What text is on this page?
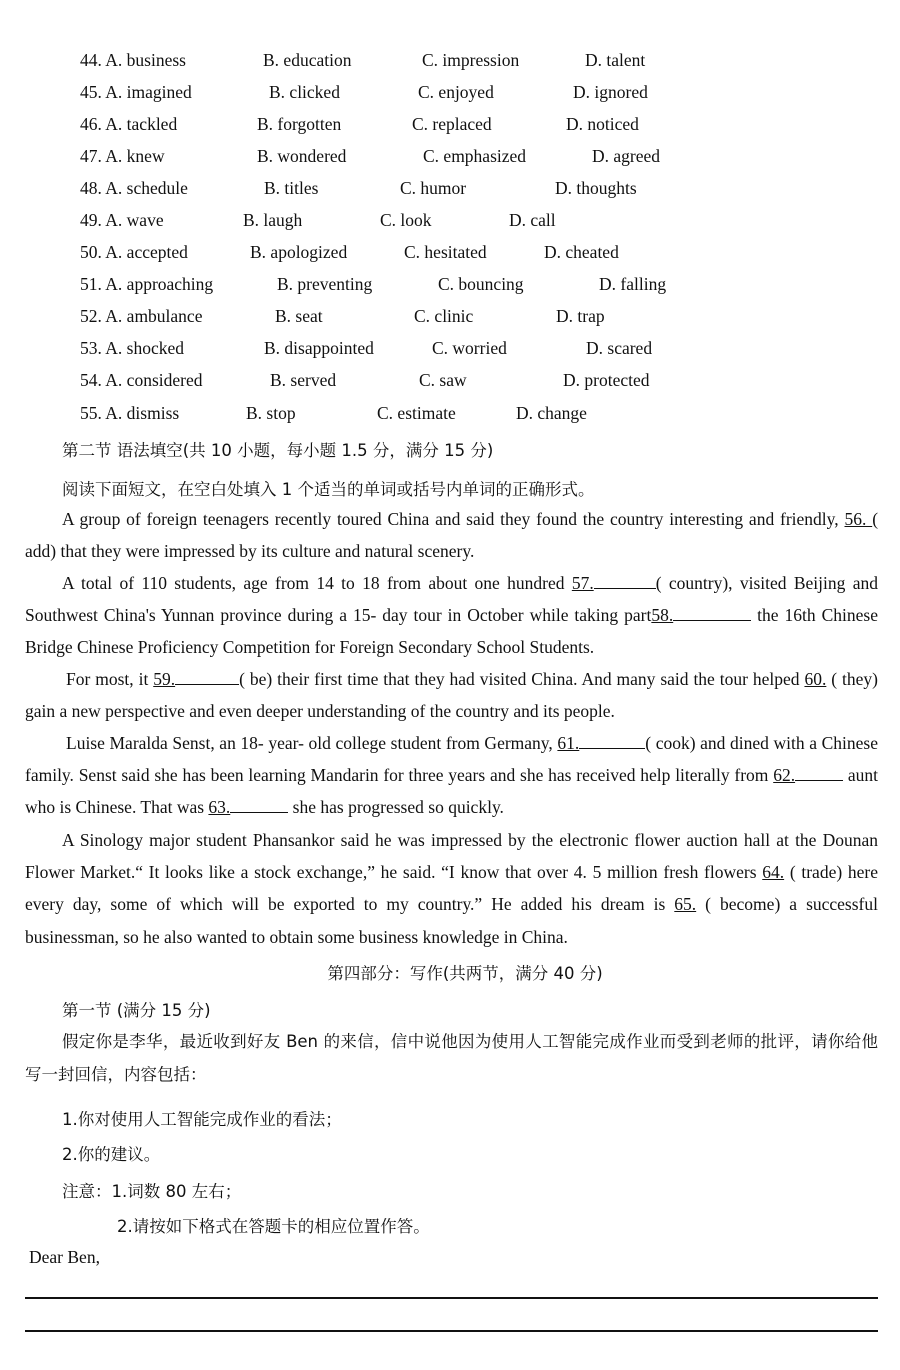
44. A. business	B. education	C. impression	D. talent
45. A. imagined	B. clicked	C. enjoyed	D. ignored
46. A. tackled	B. forgotten	C. replaced	D. noticed
47. A. knew	B. wondered	C. emphasized	D. agreed
48. A. schedule	B. titles	C. humor	D. thoughts
49. A. wave	B. laugh	C. look	D. call
50. A. accepted	B. apologized	C. hesitated	D. cheated
51. A. approaching	B. preventing	C. bouncing	D. falling
52. A. ambulance	B. seat	C. clinic	D. trap
53. A. shocked	B. disappointed	C. worried	D. scared
54. A. considered	B. served	C. saw	D. protected
55. A. dismiss	B. stop	C. estimate	D. change
第二节 语法填空(共 10 小题，每小题 1.5 分，满分 15 分)
阅读下面短文，在空白处填入 1 个适当的单词或括号内单词的正确形式。
A group of foreign teenagers recently toured China and said they found the country interesting and friendly, 56. ( add) that they were impressed by its culture and natural scenery.
A total of 110 students, age from 14 to 18 from about one hundred 57.	( country), visited Beijing and Southwest China's Yunnan province during a 15- day tour in October while taking part58.	the 16th Chinese Bridge Chinese Proficiency Competition for Foreign Secondary School Students.
For most, it 59.	( be) their first time that they had visited China. And many said the tour helped 60. ( they) gain a new perspective and even deeper understanding of the country and its people.
Luise Maralda Senst, an 18- year- old college student from Germany, 61.	( cook) and dined with a Chinese family. Senst said she has been learning Mandarin for three years and she has received help literally from 62.	aunt who is Chinese. That was 63.	she has progressed so quickly.
A Sinology major student Phansankor said he was impressed by the electronic flower auction hall at the Dounan Flower Market.“ It looks like a stock exchange,” he said. “I know that over 4. 5 million fresh flowers 64. ( trade) here every day, some of which will be exported to my country.” He added his dream is 65. ( become) a successful businessman, so he also wanted to obtain some business knowledge in China.
第四部分：写作(共两节，满分 40 分)
第一节 (满分 15 分)
假定你是李华，最近收到好友 Ben 的来信，信中说他因为使用人工智能完成作业而受到老师的批评，请你给他写一封回信，内容包括：
1.你对使用人工智能完成作业的看法；
2.你的建议。
注意：1.词数 80 左右；
2.请按如下格式在答题卡的相应位置作答。
Dear Ben,
